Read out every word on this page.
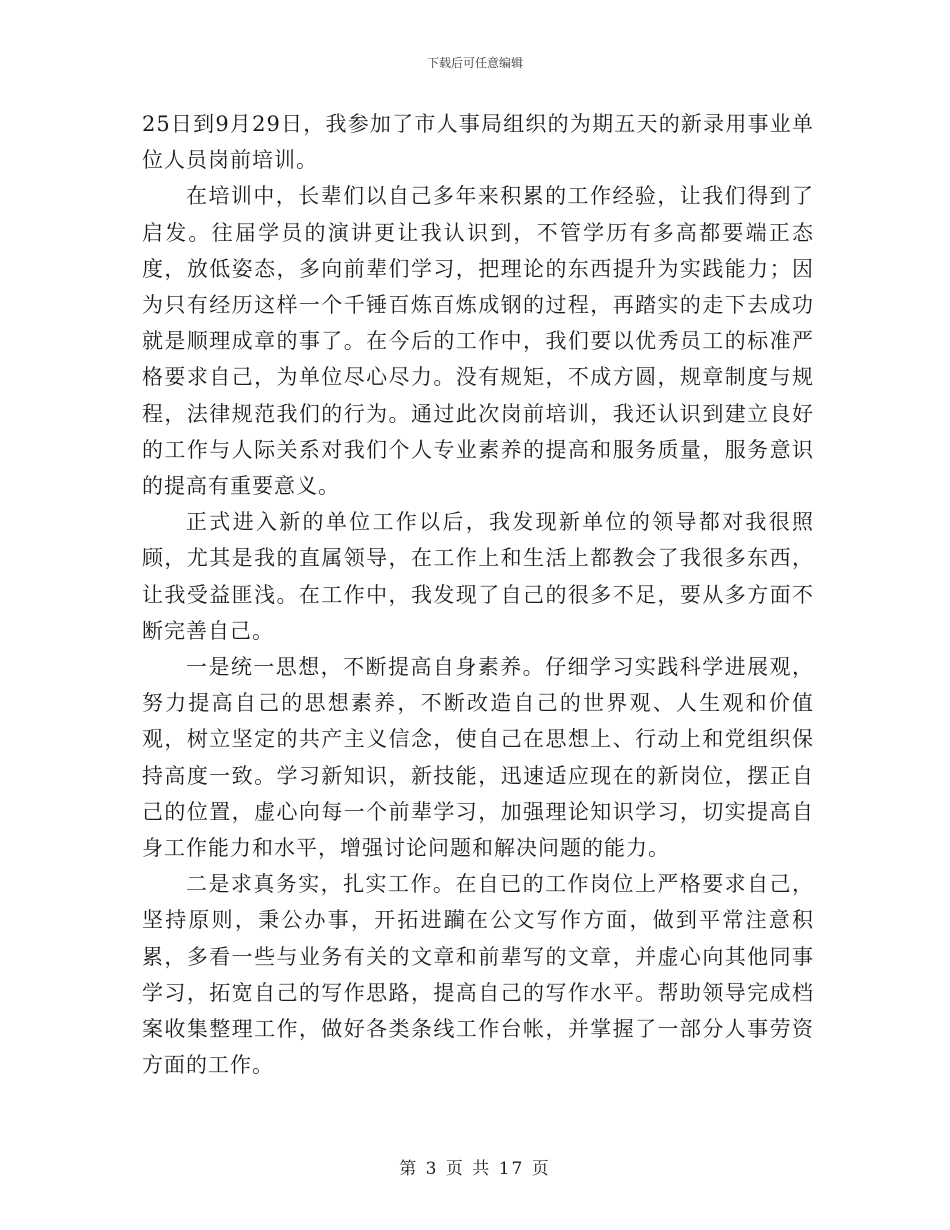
下载后可任意编辑

25日到9月29日，我参加了市人事局组织的为期五天的新录用事业单位人员岗前培训。

在培训中，长辈们以自己多年来积累的工作经验，让我们得到了启发。往届学员的演讲更让我认识到，不管学历有多高都要端正态度，放低姿态，多向前辈们学习，把理论的东西提升为实践能力；因为只有经历这样一个千锤百炼百炼成钢的过程，再踏实的走下去成功就是顺理成章的事了。在今后的工作中，我们要以优秀员工的标准严格要求自己，为单位尽心尽力。没有规矩，不成方圆，规章制度与规程，法律规范我们的行为。通过此次岗前培训，我还认识到建立良好的工作与人际关系对我们个人专业素养的提高和服务质量，服务意识的提高有重要意义。

正式进入新的单位工作以后，我发现新单位的领导都对我很照顾，尤其是我的直属领导，在工作上和生活上都教会了我很多东西，让我受益匪浅。在工作中，我发现了自己的很多不足，要从多方面不断完善自己。

一是统一思想，不断提高自身素养。仔细学习实践科学进展观，努力提高自己的思想素养，不断改造自己的世界观、人生观和价值观，树立坚定的共产主义信念，使自己在思想上、行动上和党组织保持高度一致。学习新知识，新技能，迅速适应现在的新岗位，摆正自己的位置，虚心向每一个前辈学习，加强理论知识学习，切实提高自身工作能力和水平，增强讨论问题和解决问题的能力。

二是求真务实，扎实工作。在自已的工作岗位上严格要求自己，坚持原则，秉公办事，开拓进躏在公文写作方面，做到平常注意积累，多看一些与业务有关的文章和前辈写的文章，并虚心向其他同事学习，拓宽自己的写作思路，提高自己的写作水平。帮助领导完成档案收集整理工作，做好各类条线工作台帐，并掌握了一部分人事劳资方面的工作。

第 3 页 共 17 页
